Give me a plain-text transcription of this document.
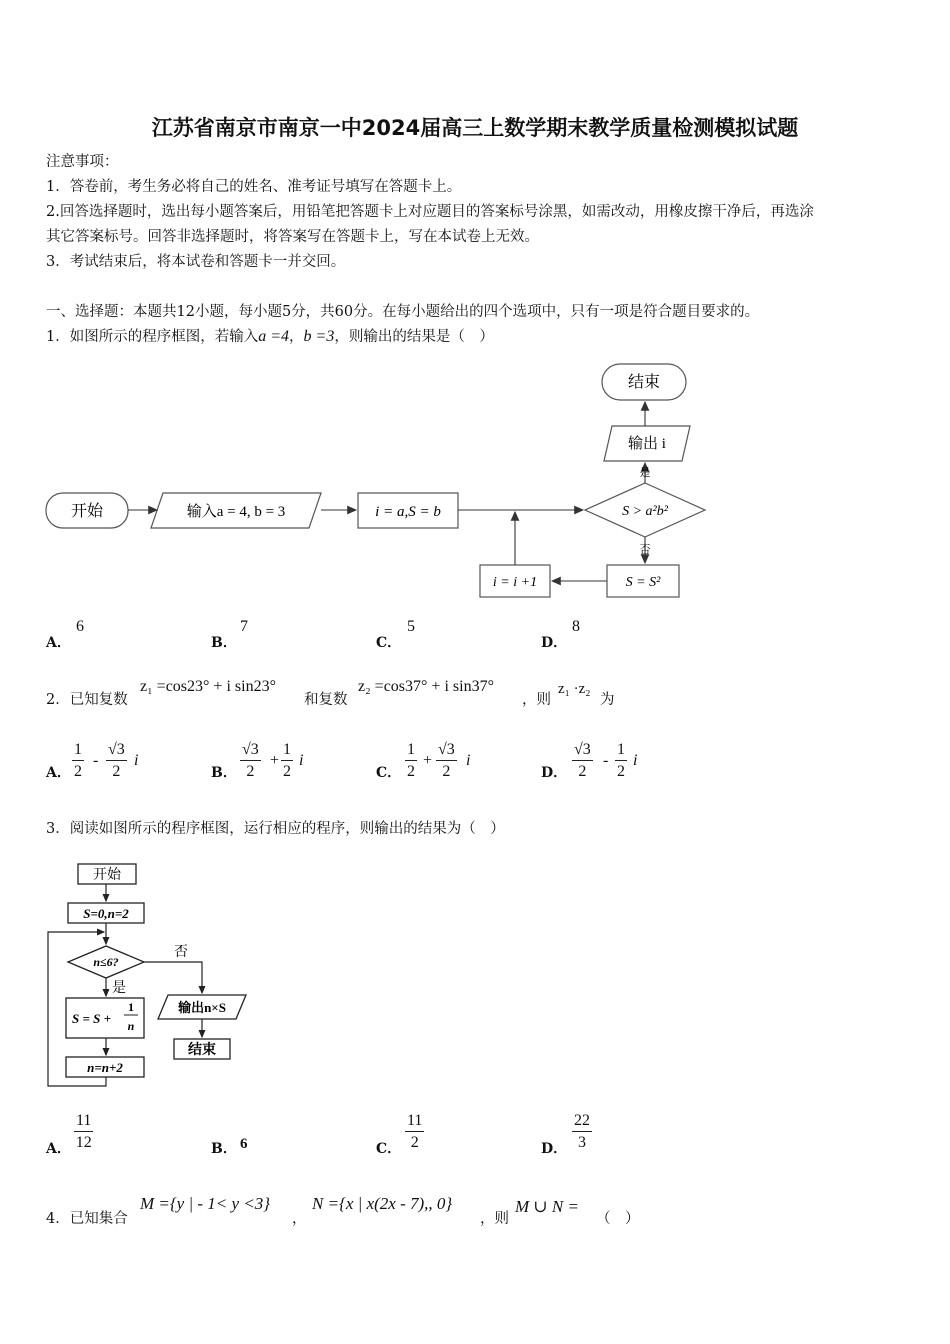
江苏省南京市南京一中2024届高三上数学期末教学质量检测模拟试题
注意事项：
1．答卷前，考生务必将自己的姓名、准考证号填写在答题卡上。
2.回答选择题时，选出每小题答案后，用铅笔把答题卡上对应题目的答案标号涂黑，如需改动，用橡皮擦干净后，再选涂
其它答案标号。回答非选择题时，将答案写在答题卡上，写在本试卷上无效。
3．考试结束后，将本试卷和答题卡一并交回。
一、选择题：本题共12小题，每小题5分，共60分。在每小题给出的四个选项中，只有一项是符合题目要求的。
1．如图所示的程序框图，若输入a =4，b =3，则输出的结果是（　）
开始	输入a = 4, b = 3	i = a,S = b	S > a²b²
是
否
输出 i
结束
S = S²
i = i +1
A．
6
B．
7
C．
5
D．
8
2．已知复数
z₁ =cos23° + i sin23°
和复数
z₂ =cos37° + i sin37°
，则
z₁ ·z₂
为
A． $\frac{1}{2} - \frac{√3}{2}$ i
B． $\frac{√3}{2} + \frac{1}{2}$ i
C． $\frac{1}{2} + \frac{√3}{2}$ i
D． $\frac{√3}{2} - \frac{1}{2}$ i
3．阅读如图所示的程序框图，运行相应的程序，则输出的结果为（　）
开始
S=0,n=2
n≤6?
否
是
S = S +
1
n
n=n+2
输出n×S
结束
A． $\frac{11}{12}$	B． 6	C． $\frac{11}{2}$	D． $\frac{22}{3}$
4．已知集合
M ={y | - 1< y <3}
，
N ={x | x(2x - 7),, 0}
，则
M ∪ N =
（　）
